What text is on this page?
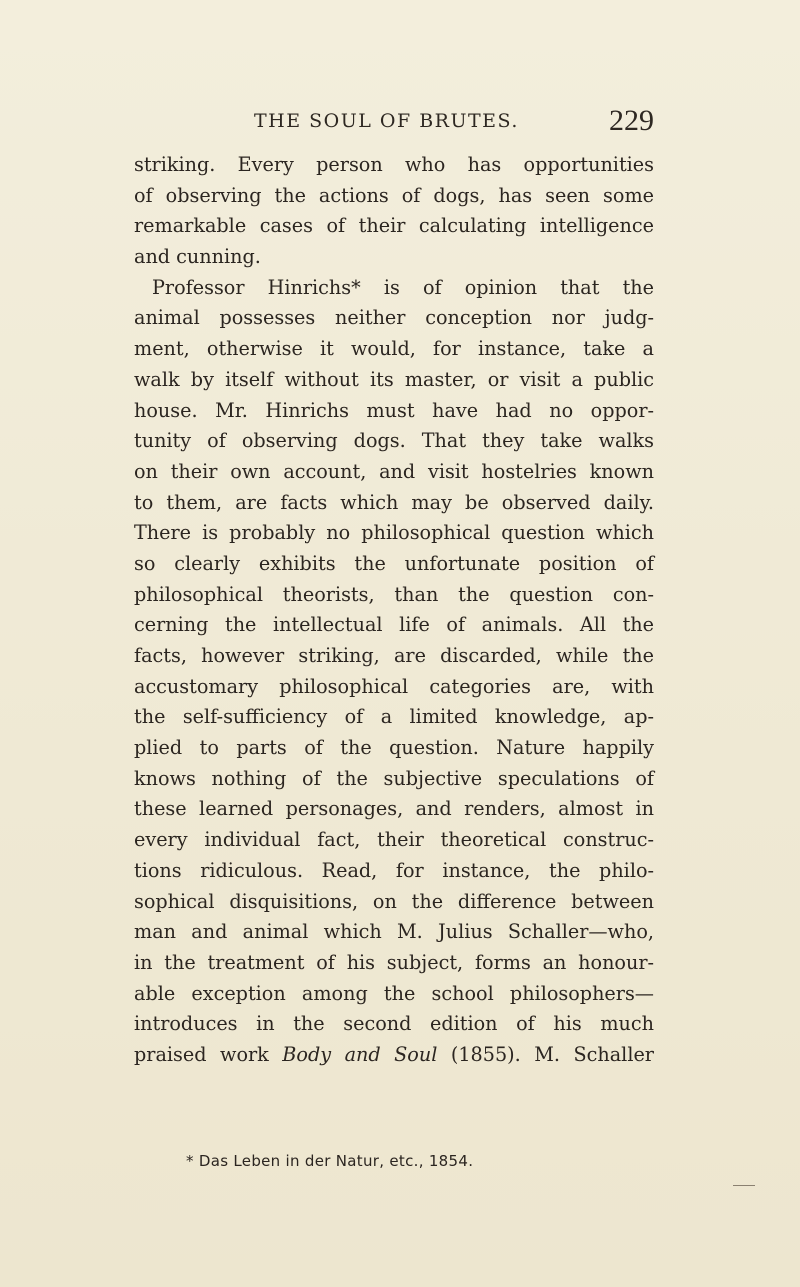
THE SOUL OF BRUTES.	229
striking. Every person who has opportunities
of observing the actions of dogs, has seen some
remarkable cases of their calculating intelligence
and cunning.
Professor Hinrichs* is of opinion that the
animal possesses neither conception nor judg-
ment, otherwise it would, for instance, take a
walk by itself without its master, or visit a public
house. Mr. Hinrichs must have had no oppor-
tunity of observing dogs. That they take walks
on their own account, and visit hostelries known
to them, are facts which may be observed daily.
There is probably no philosophical question which
so clearly exhibits the unfortunate position of
philosophical theorists, than the question con-
cerning the intellectual life of animals. All the
facts, however striking, are discarded, while the
accustomary philosophical categories are, with
the self-sufficiency of a limited knowledge, ap-
plied to parts of the question. Nature happily
knows nothing of the subjective speculations of
these learned personages, and renders, almost in
every individual fact, their theoretical construc-
tions ridiculous. Read, for instance, the philo-
sophical disquisitions, on the difference between
man and animal which M. Julius Schaller—who,
in the treatment of his subject, forms an honour-
able exception among the school philosophers—
introduces in the second edition of his much
praised work Body and Soul (1855). M. Schaller
* Das Leben in der Natur, etc., 1854.
